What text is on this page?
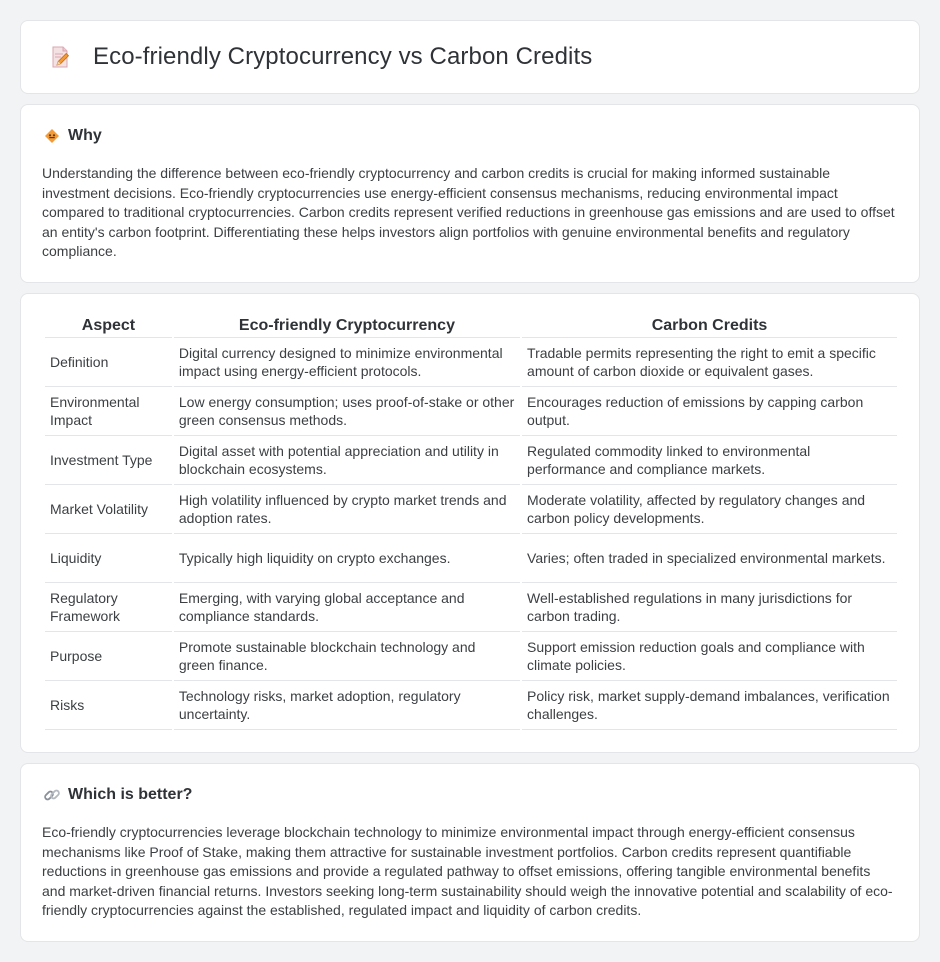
Eco-friendly Cryptocurrency vs Carbon Credits
Why

Understanding the difference between eco-friendly cryptocurrency and carbon credits is crucial for making informed sustainable investment decisions. Eco-friendly cryptocurrencies use energy-efficient consensus mechanisms, reducing environmental impact compared to traditional cryptocurrencies. Carbon credits represent verified reductions in greenhouse gas emissions and are used to offset an entity's carbon footprint. Differentiating these helps investors align portfolios with genuine environmental benefits and regulatory compliance.

Aspect	Eco-friendly Cryptocurrency	Carbon Credits
Definition	Digital currency designed to minimize environmental impact using energy-efficient protocols.	Tradable permits representing the right to emit a specific amount of carbon dioxide or equivalent gases.
Environmental Impact	Low energy consumption; uses proof-of-stake or other green consensus methods.	Encourages reduction of emissions by capping carbon output.
Investment Type	Digital asset with potential appreciation and utility in blockchain ecosystems.	Regulated commodity linked to environmental performance and compliance markets.
Market Volatility	High volatility influenced by crypto market trends and adoption rates.	Moderate volatility, affected by regulatory changes and carbon policy developments.
Liquidity	Typically high liquidity on crypto exchanges.	Varies; often traded in specialized environmental markets.
Regulatory Framework	Emerging, with varying global acceptance and compliance standards.	Well-established regulations in many jurisdictions for carbon trading.
Purpose	Promote sustainable blockchain technology and green finance.	Support emission reduction goals and compliance with climate policies.
Risks	Technology risks, market adoption, regulatory uncertainty.	Policy risk, market supply-demand imbalances, verification challenges.
Which is better?

Eco-friendly cryptocurrencies leverage blockchain technology to minimize environmental impact through energy-efficient consensus mechanisms like Proof of Stake, making them attractive for sustainable investment portfolios. Carbon credits represent quantifiable reductions in greenhouse gas emissions and provide a regulated pathway to offset emissions, offering tangible environmental benefits and market-driven financial returns. Investors seeking long-term sustainability should weigh the innovative potential and scalability of eco-friendly cryptocurrencies against the established, regulated impact and liquidity of carbon credits.
